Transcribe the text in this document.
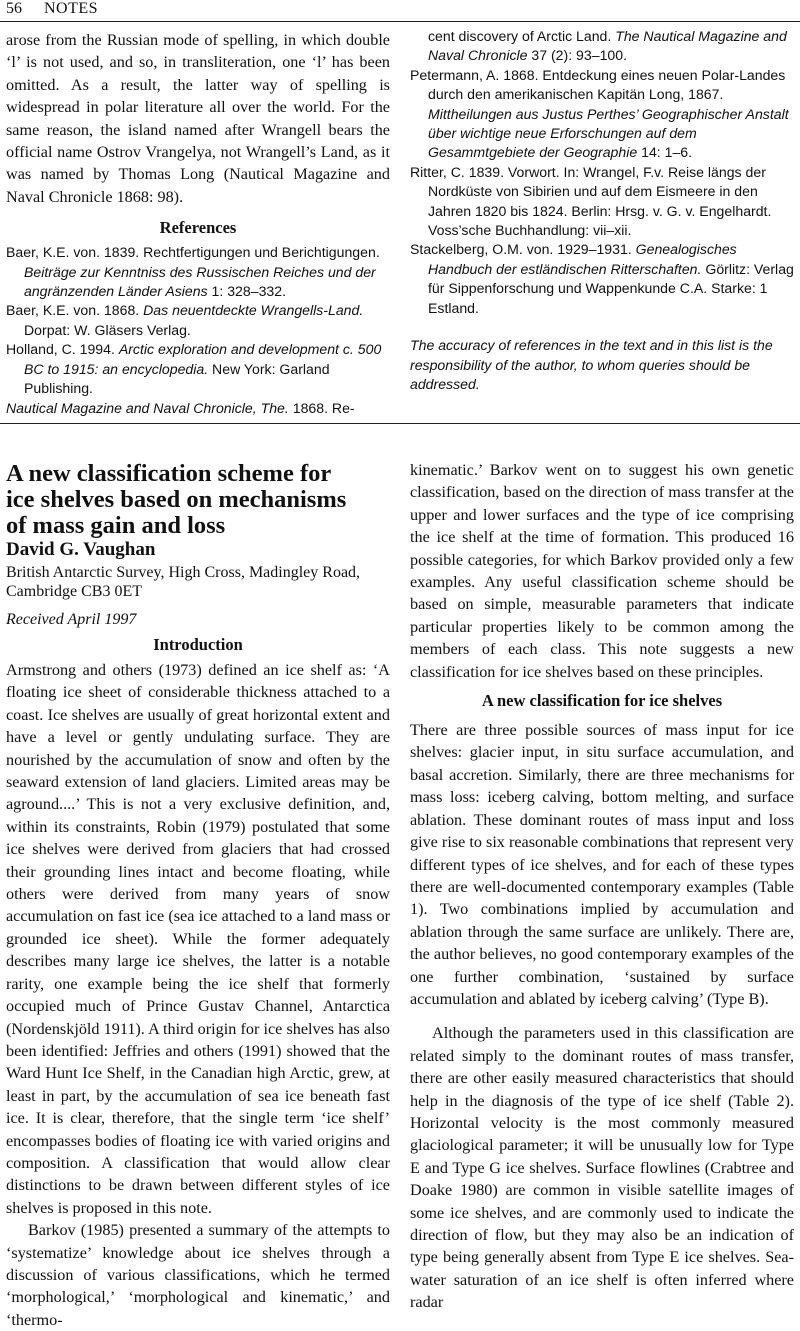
56 NOTES

arose from the Russian mode of spelling, in which double ‘l’ is not used, and so, in transliteration, one ‘l’ has been omitted. As a result, the latter way of spelling is widespread in polar literature all over the world. For the same reason, the island named after Wrangell bears the official name Ostrov Vrangelya, not Wrangell’s Land, as it was named by Thomas Long (Nautical Magazine and Naval Chronicle 1868: 98).

References

Baer, K.E. von. 1839. Rechtfertigungen und Berichtigungen. Beiträge zur Kenntniss des Russischen Reiches und der angränzenden Länder Asiens 1: 328–332.

Baer, K.E. von. 1868. Das neuentdeckte Wrangells-Land. Dorpat: W. Gläsers Verlag.

Holland, C. 1994. Arctic exploration and development c. 500 BC to 1915: an encyclopedia. New York: Garland Publishing.

Nautical Magazine and Naval Chronicle, The. 1868. Re-

cent discovery of Arctic Land. The Nautical Magazine and Naval Chronicle 37 (2): 93–100.

Petermann, A. 1868. Entdeckung eines neuen Polar-Landes durch den amerikanischen Kapitän Long, 1867. Mittheilungen aus Justus Perthes’ Geographischer Anstalt über wichtige neue Erforschungen auf dem Gesammtgebiete der Geographie 14: 1–6.

Ritter, C. 1839. Vorwort. In: Wrangel, F.v. Reise längs der Nordküste von Sibirien und auf dem Eismeere in den Jahren 1820 bis 1824. Berlin: Hrsg. v. G. v. Engelhardt. Voss’sche Buchhandlung: vii–xii.

Stackelberg, O.M. von. 1929–1931. Genealogisches Handbuch der estländischen Ritterschaften. Görlitz: Verlag für Sippenforschung und Wappenkunde C.A. Starke: 1 Estland.

The accuracy of references in the text and in this list is the responsibility of the author, to whom queries should be addressed.

A new classification scheme for ice shelves based on mechanisms of mass gain and loss

David G. Vaughan

British Antarctic Survey, High Cross, Madingley Road, Cambridge CB3 0ET

Received April 1997

Introduction

Armstrong and others (1973) defined an ice shelf as: ‘A floating ice sheet of considerable thickness attached to a coast. Ice shelves are usually of great horizontal extent and have a level or gently undulating surface. They are nourished by the accumulation of snow and often by the seaward extension of land glaciers. Limited areas may be aground....’ This is not a very exclusive definition, and, within its constraints, Robin (1979) postulated that some ice shelves were derived from glaciers that had crossed their grounding lines intact and become floating, while others were derived from many years of snow accumulation on fast ice (sea ice attached to a land mass or grounded ice sheet). While the former adequately describes many large ice shelves, the latter is a notable rarity, one example being the ice shelf that formerly occupied much of Prince Gustav Channel, Antarctica (Nordenskjöld 1911). A third origin for ice shelves has also been identified: Jeffries and others (1991) showed that the Ward Hunt Ice Shelf, in the Canadian high Arctic, grew, at least in part, by the accumulation of sea ice beneath fast ice. It is clear, therefore, that the single term ‘ice shelf’ encompasses bodies of floating ice with varied origins and composition. A classification that would allow clear distinctions to be drawn between different styles of ice shelves is proposed in this note.

Barkov (1985) presented a summary of the attempts to ‘systematize’ knowledge about ice shelves through a discussion of various classifications, which he termed ‘morphological,’ ‘morphological and kinematic,’ and ‘thermo-

kinematic.’ Barkov went on to suggest his own genetic classification, based on the direction of mass transfer at the upper and lower surfaces and the type of ice comprising the ice shelf at the time of formation. This produced 16 possible categories, for which Barkov provided only a few examples. Any useful classification scheme should be based on simple, measurable parameters that indicate particular properties likely to be common among the members of each class. This note suggests a new classification for ice shelves based on these principles.

A new classification for ice shelves

There are three possible sources of mass input for ice shelves: glacier input, in situ surface accumulation, and basal accretion. Similarly, there are three mechanisms for mass loss: iceberg calving, bottom melting, and surface ablation. These dominant routes of mass input and loss give rise to six reasonable combinations that represent very different types of ice shelves, and for each of these types there are well-documented contemporary examples (Table 1). Two combinations implied by accumulation and ablation through the same surface are unlikely. There are, the author believes, no good contemporary examples of the one further combination, ‘sustained by surface accumulation and ablated by iceberg calving’ (Type B).

Although the parameters used in this classification are related simply to the dominant routes of mass transfer, there are other easily measured characteristics that should help in the diagnosis of the type of ice shelf (Table 2). Horizontal velocity is the most commonly measured glaciological parameter; it will be unusually low for Type E and Type G ice shelves. Surface flowlines (Crabtree and Doake 1980) are common in visible satellite images of some ice shelves, and are commonly used to indicate the direction of flow, but they may also be an indication of type being generally absent from Type E ice shelves. Sea-water saturation of an ice shelf is often inferred where radar
